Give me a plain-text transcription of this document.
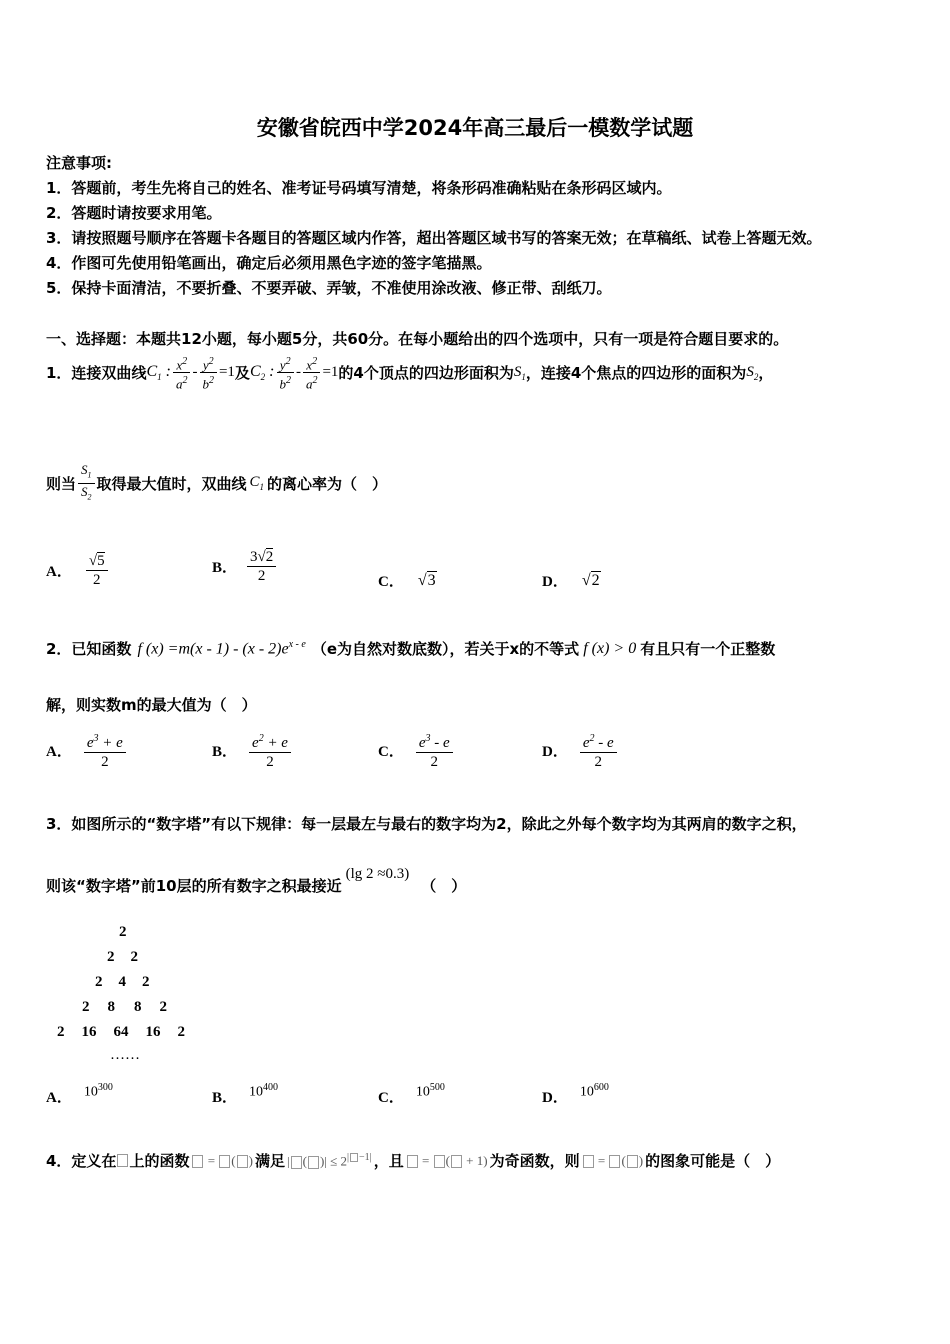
安徽省皖西中学2024年高三最后一模数学试题
注意事项:
1．答题前，考生先将自己的姓名、准考证号码填写清楚，将条形码准确粘贴在条形码区域内。
2．答题时请按要求用笔。
3．请按照题号顺序在答题卡各题目的答题区域内作答，超出答题区域书写的答案无效；在草稿纸、试卷上答题无效。
4．作图可先使用铅笔画出，确定后必须用黑色字迹的签字笔描黑。
5．保持卡面清洁，不要折叠、不要弄破、弄皱，不准使用涂改液、修正带、刮纸刀。
一、选择题：本题共12小题，每小题5分，共60分。在每小题给出的四个选项中，只有一项是符合题目要求的。
1．连接双曲线 $C_1$ : $\frac{x^2}{a^2} - \frac{y^2}{b^2} =1$ 及 $C_2$ : $\frac{y^2}{b^2} - \frac{x^2}{a^2} =1$ 的4个顶点的四边形面积为 $S_1$ ，连接4个焦点的四边形的面积为 $S_2$ ，
则当 $\frac{S_1}{S_2}$ 取得最大值时，双曲线 $C_1$ 的离心率为（　）
A． $\frac{√5}{2}$	B． $\frac{3√2}{2}$	C． √3	D． √2
2．已知函数 f $(x) =m(x - 1) - (x - 2)e^{x - e}$ （e为自然对数底数），若关于x的不等式 f (x) > 0 有且只有一个正整数
解，则实数m的最大值为（　）
A． $\frac{e^3 + e}{2}$	B． $\frac{e^2 + e}{2}$	C． $\frac{e^3 - e}{2}$	D． $\frac{e^2 - e}{2}$
3．如图所示的“数字塔”有以下规律：每一层最左与最右的数字均为2，除此之外每个数字均为其两肩的数字之积，
则该“数字塔”前10层的所有数字之积最接近
(lg 2 ≈0.3)
（　）
2
2 2
2 4 2
2 8 8 2
2 16 64 16 2
……
A． $10^{300}$
B． $10^{400}$
C． $10^{500}$
D． $10^{600}$
4．定义在 上的函数	= ( ) 满足 | ( )| ≤ $2^{| -1|}$ ，且	= ( + 1) 为奇函数，则	= ( ) 的图象可能是（　）
